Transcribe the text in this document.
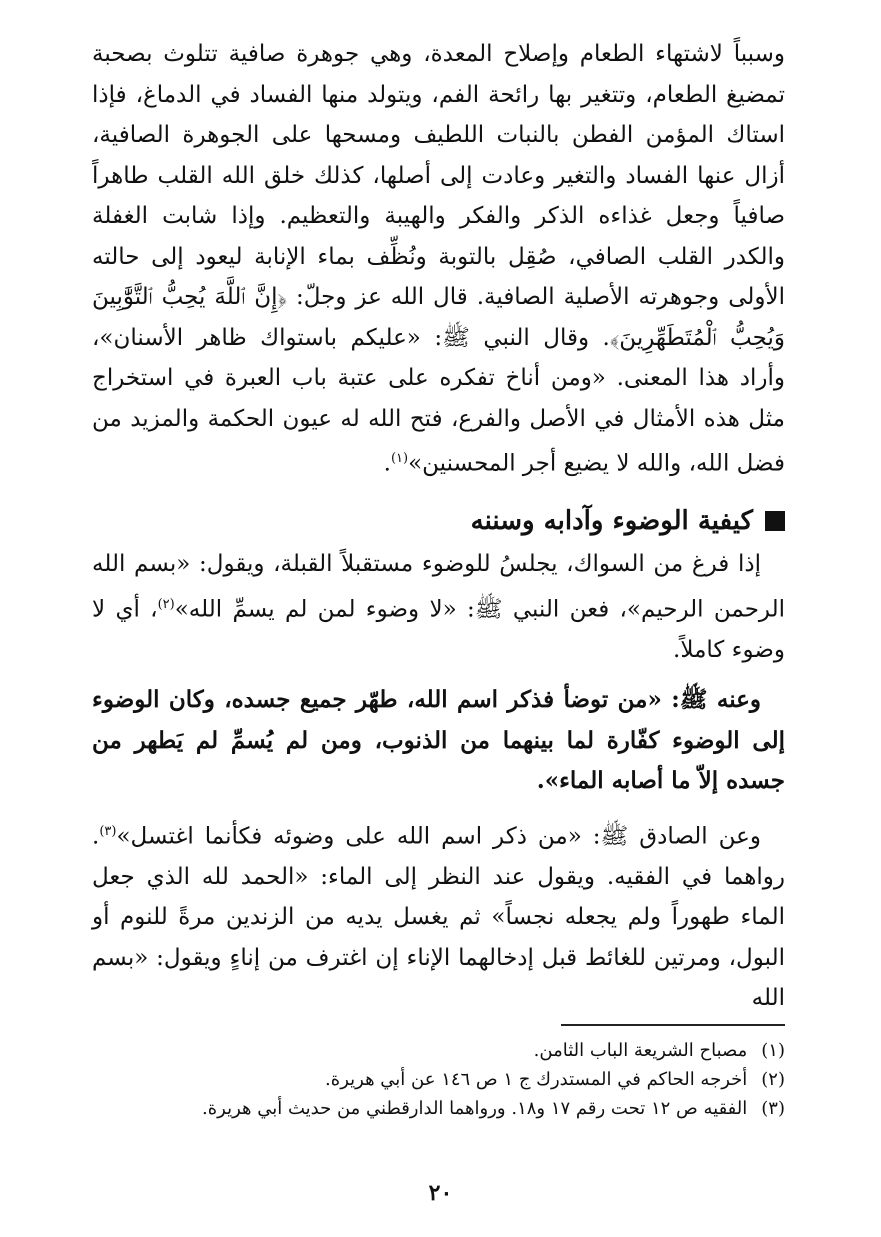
وسبباً لاشتهاء الطعام وإصلاح المعدة، وهي جوهرة صافية تتلوث بصحبة تمضيغ الطعام، وتتغير بها رائحة الفم، ويتولد منها الفساد في الدماغ، فإذا استاك المؤمن الفطن بالنبات اللطيف ومسحها على الجوهرة الصافية، أزال عنها الفساد والتغير وعادت إلى أصلها، كذلك خلق الله القلب طاهراً صافياً وجعل غذاءه الذكر والفكر والهيبة والتعظيم. وإذا شابت الغفلة والكدر القلب الصافي، صُقِل بالتوبة ونُظِّف بماء الإنابة ليعود إلى حالته الأولى وجوهرته الأصلية الصافية. قال الله عز وجلّ: ﴿إِنَّ ٱللَّهَ يُحِبُّ ٱلتَّوَّٰبِينَ وَيُحِبُّ ٱلْمُتَطَهِّرِينَ﴾. وقال النبي ﷺ: «عليكم باستواك ظاهر الأسنان»، وأراد هذا المعنى. «ومن أناخ تفكره على عتبة باب العبرة في استخراج مثل هذه الأمثال في الأصل والفرع، فتح الله له عيون الحكمة والمزيد من فضل الله، والله لا يضيع أجر المحسنين»$^{(١)}$.

كيفية الوضوء وآدابه وسننه

إذا فرغ من السواك، يجلسُ للوضوء مستقبلاً القبلة، ويقول: «بسم الله الرحمن الرحيم»، فعن النبي ﷺ: «لا وضوء لمن لم يسمِّ الله»$^{(٢)}$، أي لا وضوء كاملاً.

وعنه ﷺ: «من توضأ فذكر اسم الله، طهّر جميع جسده، وكان الوضوء إلى الوضوء كفّارة لما بينهما من الذنوب، ومن لم يُسمِّ لم يَطهر من جسده إلاّ ما أصابه الماء».

وعن الصادق ﷺ: «من ذكر اسم الله على وضوئه فكأنما اغتسل»$^{(٣)}$. رواهما في الفقيه. ويقول عند النظر إلى الماء: «الحمد لله الذي جعل الماء طهوراً ولم يجعله نجساً» ثم يغسل يديه من الزندين مرةً للنوم أو البول، ومرتين للغائط قبل إدخالهما الإناء إن اغترف من إناءٍ ويقول: «بسم الله

(١)مصباح الشريعة الباب الثامن.

(٢)أخرجه الحاكم في المستدرك ج ١ ص ١٤٦ عن أبي هريرة.

(٣)الفقيه ص ١٢ تحت رقم ١٧ و١٨. ورواهما الدارقطني من حديث أبي هريرة.

٢٠
